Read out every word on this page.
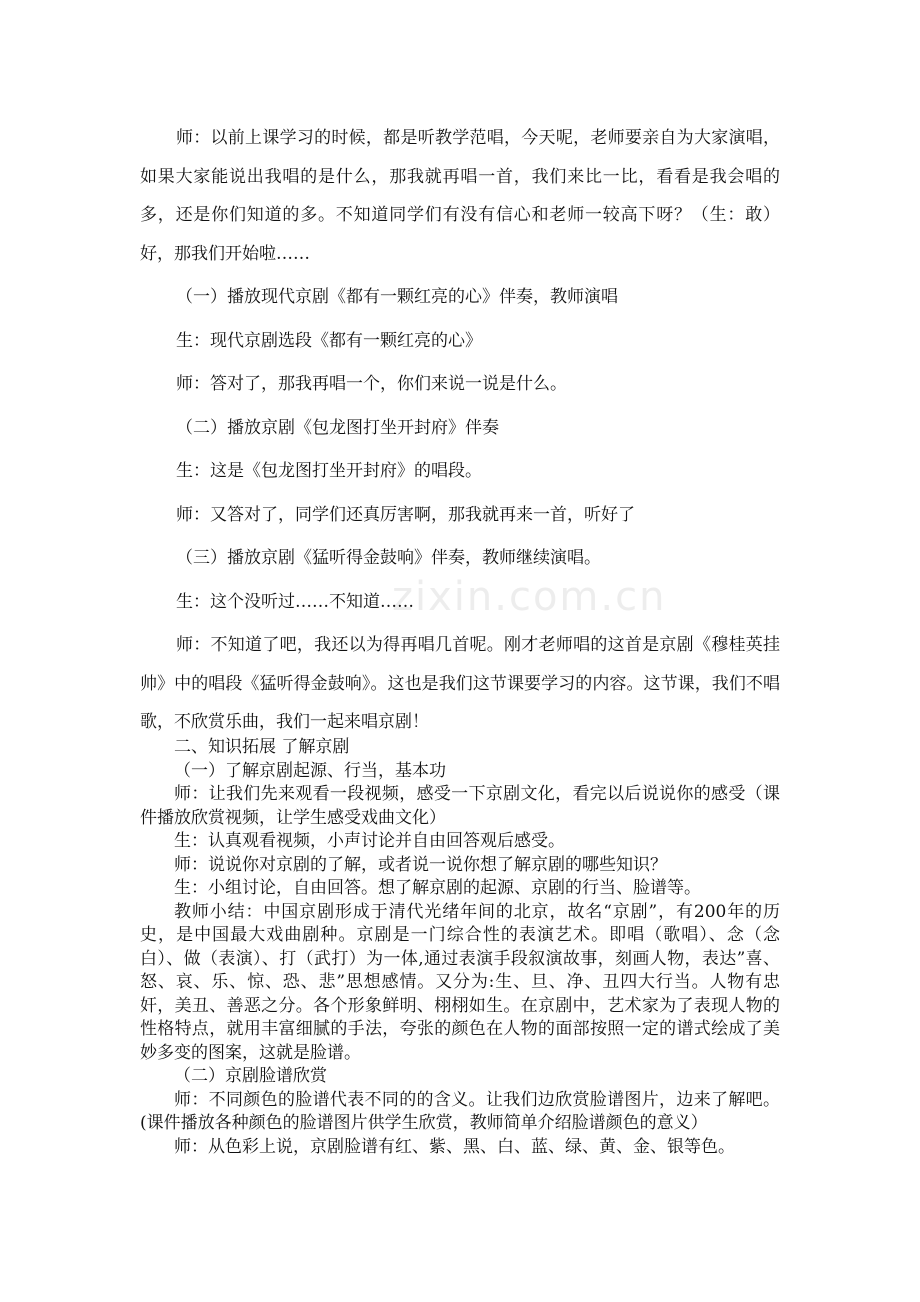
zixin.com.cn

师：以前上课学习的时候，都是听教学范唱，今天呢，老师要亲自为大家演唱，如果大家能说出我唱的是什么，那我就再唱一首，我们来比一比，看看是我会唱的多，还是你们知道的多。不知道同学们有没有信心和老师一较高下呀？（生：敢）好，那我们开始啦……

（一）播放现代京剧《都有一颗红亮的心》伴奏，教师演唱

生：现代京剧选段《都有一颗红亮的心》

师：答对了，那我再唱一个，你们来说一说是什么。

（二）播放京剧《包龙图打坐开封府》伴奏

生：这是《包龙图打坐开封府》的唱段。

师：又答对了，同学们还真厉害啊，那我就再来一首，听好了

（三）播放京剧《猛听得金鼓响》伴奏，教师继续演唱。

生：这个没听过……不知道……

师：不知道了吧，我还以为得再唱几首呢。刚才老师唱的这首是京剧《穆桂英挂帅》中的唱段《猛听得金鼓响》。这也是我们这节课要学习的内容。这节课，我们不唱歌，不欣赏乐曲，我们一起来唱京剧！

二、知识拓展 了解京剧

（一）了解京剧起源、行当，基本功

师：让我们先来观看一段视频，感受一下京剧文化，看完以后说说你的感受（课件播放欣赏视频，让学生感受戏曲文化）

生：认真观看视频，小声讨论并自由回答观后感受。

师：说说你对京剧的了解，或者说一说你想了解京剧的哪些知识？

生：小组讨论，自由回答。想了解京剧的起源、京剧的行当、脸谱等。

教师小结：中国京剧形成于清代光绪年间的北京，故名“京剧”，有200年的历史，是中国最大戏曲剧种。京剧是一门综合性的表演艺术。即唱（歌唱）、念（念白）、做（表演）、打（武打）为一体,通过表演手段叙演故事，刻画人物，表达”喜、怒、哀、乐、惊、恐、悲”思想感情。又分为:生、旦、净、丑四大行当。人物有忠奸，美丑、善恶之分。各个形象鲜明、栩栩如生。在京剧中，艺术家为了表现人物的性格特点，就用丰富细腻的手法，夸张的颜色在人物的面部按照一定的谱式绘成了美妙多变的图案，这就是脸谱。

（二）京剧脸谱欣赏

师：不同颜色的脸谱代表不同的的含义。让我们边欣赏脸谱图片，边来了解吧。(课件播放各种颜色的脸谱图片供学生欣赏，教师简单介绍脸谱颜色的意义）

师：从色彩上说，京剧脸谱有红、紫、黑、白、蓝、绿、黄、金、银等色。
